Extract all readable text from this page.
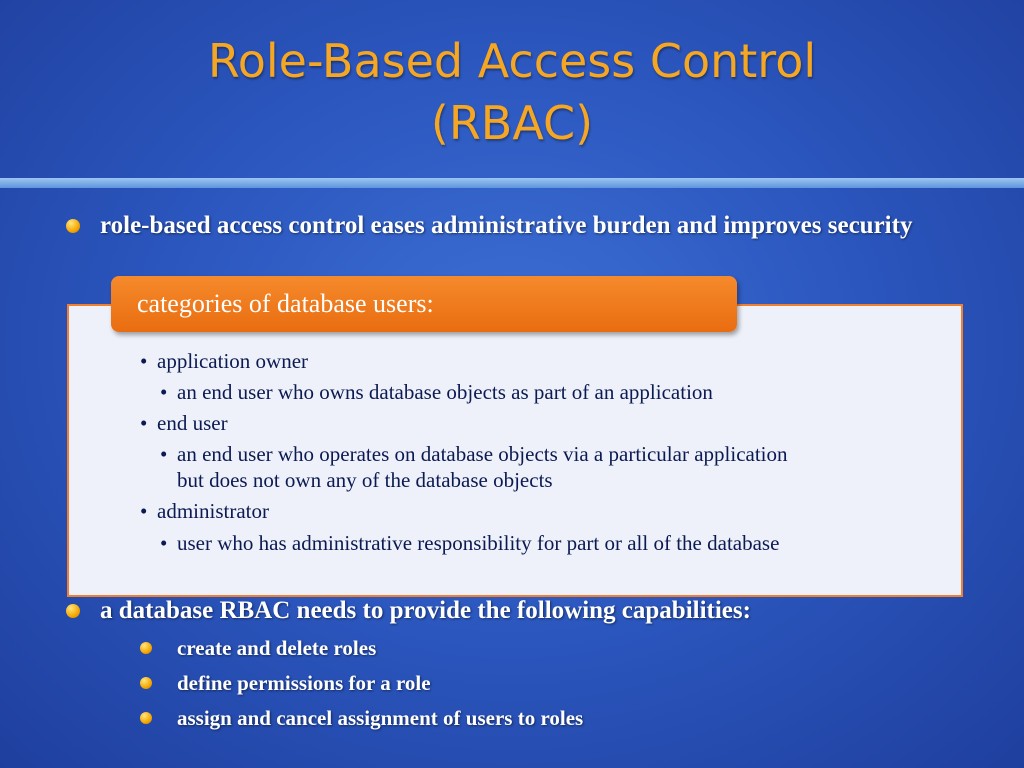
Role-Based Access Control
(RBAC)
role-based access control eases administrative burden and improves security
categories of database users:
• application owner
• an end user who owns database objects as part of an application
• end user
• an end user who operates on database objects via a particular application but does not own any of the database objects
• administrator
• user who has administrative responsibility for part or all of the database
a database RBAC needs to provide the following capabilities:
create and delete roles
define permissions for a role
assign and cancel assignment of users to roles
